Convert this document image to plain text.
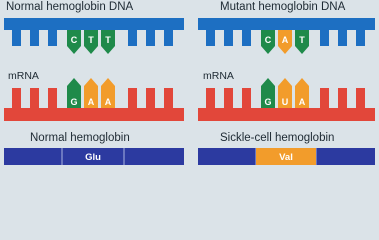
C T T
G A A
Glu
C A T
G U A
Val
Normal hemoglobin DNA
mRNA
Normal hemoglobin
Mutant hemoglobin DNA
mRNA
Sickle-cell hemoglobin
